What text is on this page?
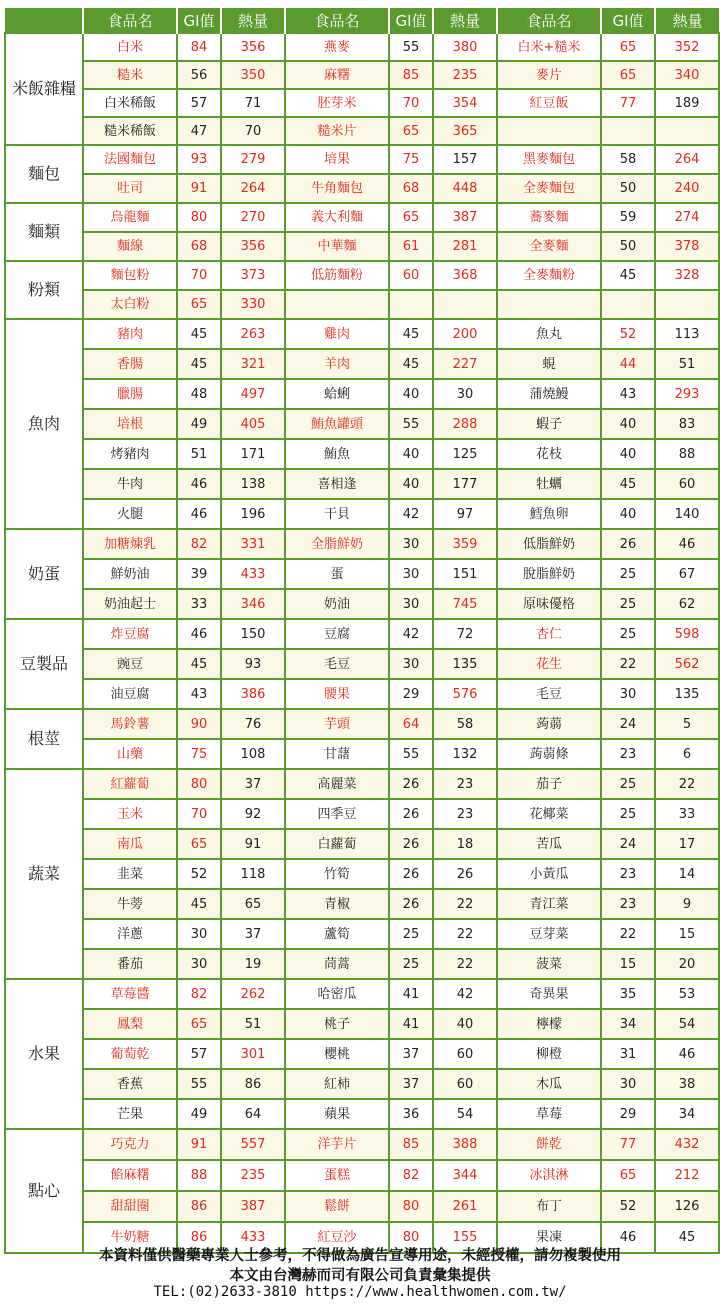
	食品名	GI值	熱量	食品名	GI值	熱量	食品名	GI值	熱量
米飯雜糧	白米	84	356	燕麥	55	380	白米+糙米	65	352
	糙米	56	350	麻糬	85	235	麥片	65	340
	白米稀飯	57	71	胚芽米	70	354	紅豆飯	77	189
	糙米稀飯	47	70	糙米片	65	365			
麵包	法國麵包	93	279	培果	75	157	黑麥麵包	58	264
	吐司	91	264	牛角麵包	68	448	全麥麵包	50	240
麵類	烏龍麵	80	270	義大利麵	65	387	蕎麥麵	59	274
	麵線	68	356	中華麵	61	281	全麥麵	50	378
粉類	麵包粉	70	373	低筋麵粉	60	368	全麥麵粉	45	328
	太白粉	65	330						
魚肉	豬肉	45	263	雞肉	45	200	魚丸	52	113
	香腸	45	321	羊肉	45	227	蜆	44	51
	臘腸	48	497	蛤蜊	40	30	蒲燒鰻	43	293
	培根	49	405	鮪魚罐頭	55	288	蝦子	40	83
	烤豬肉	51	171	鮪魚	40	125	花枝	40	88
	牛肉	46	138	喜相逢	40	177	牡蠣	45	60
	火腿	46	196	干貝	42	97	鱈魚卵	40	140
奶蛋	加糖煉乳	82	331	全脂鮮奶	30	359	低脂鮮奶	26	46
	鮮奶油	39	433	蛋	30	151	脫脂鮮奶	25	67
	奶油起士	33	346	奶油	30	745	原味優格	25	62
豆製品	炸豆腐	46	150	豆腐	42	72	杏仁	25	598
	豌豆	45	93	毛豆	30	135	花生	22	562
	油豆腐	43	386	腰果	29	576	毛豆	30	135
根莖	馬鈴薯	90	76	芋頭	64	58	蒟蒻	24	5
	山藥	75	108	甘藷	55	132	蒟蒻條	23	6
蔬菜	紅蘿蔔	80	37	高麗菜	26	23	茄子	25	22
	玉米	70	92	四季豆	26	23	花椰菜	25	33
	南瓜	65	91	白蘿蔔	26	18	苦瓜	24	17
	韭菜	52	118	竹筍	26	26	小黃瓜	23	14
	牛蒡	45	65	青椒	26	22	青江菜	23	9
	洋蔥	30	37	蘆筍	25	22	豆芽菜	22	15
	番茄	30	19	茼蒿	25	22	菠菜	15	20
水果	草莓醬	82	262	哈密瓜	41	42	奇異果	35	53
	鳳梨	65	51	桃子	41	40	檸檬	34	54
	葡萄乾	57	301	櫻桃	37	60	柳橙	31	46
	香蕉	55	86	紅柿	37	60	木瓜	30	38
	芒果	49	64	蘋果	36	54	草莓	29	34
點心	巧克力	91	557	洋芋片	85	388	餅乾	77	432
	餡麻糬	88	235	蛋糕	82	344	冰淇淋	65	212
	甜甜圈	86	387	鬆餅	80	261	布丁	52	126
	牛奶糖	86	433	紅豆沙	80	155	果凍	46	45
本資料僅供醫藥專業人士參考，不得做為廣告宣導用途，未經授權，請勿複製使用
本文由台灣赫而司有限公司負責彙集提供
TEL:(02)2633-3810 https://www.healthwomen.com.tw/
